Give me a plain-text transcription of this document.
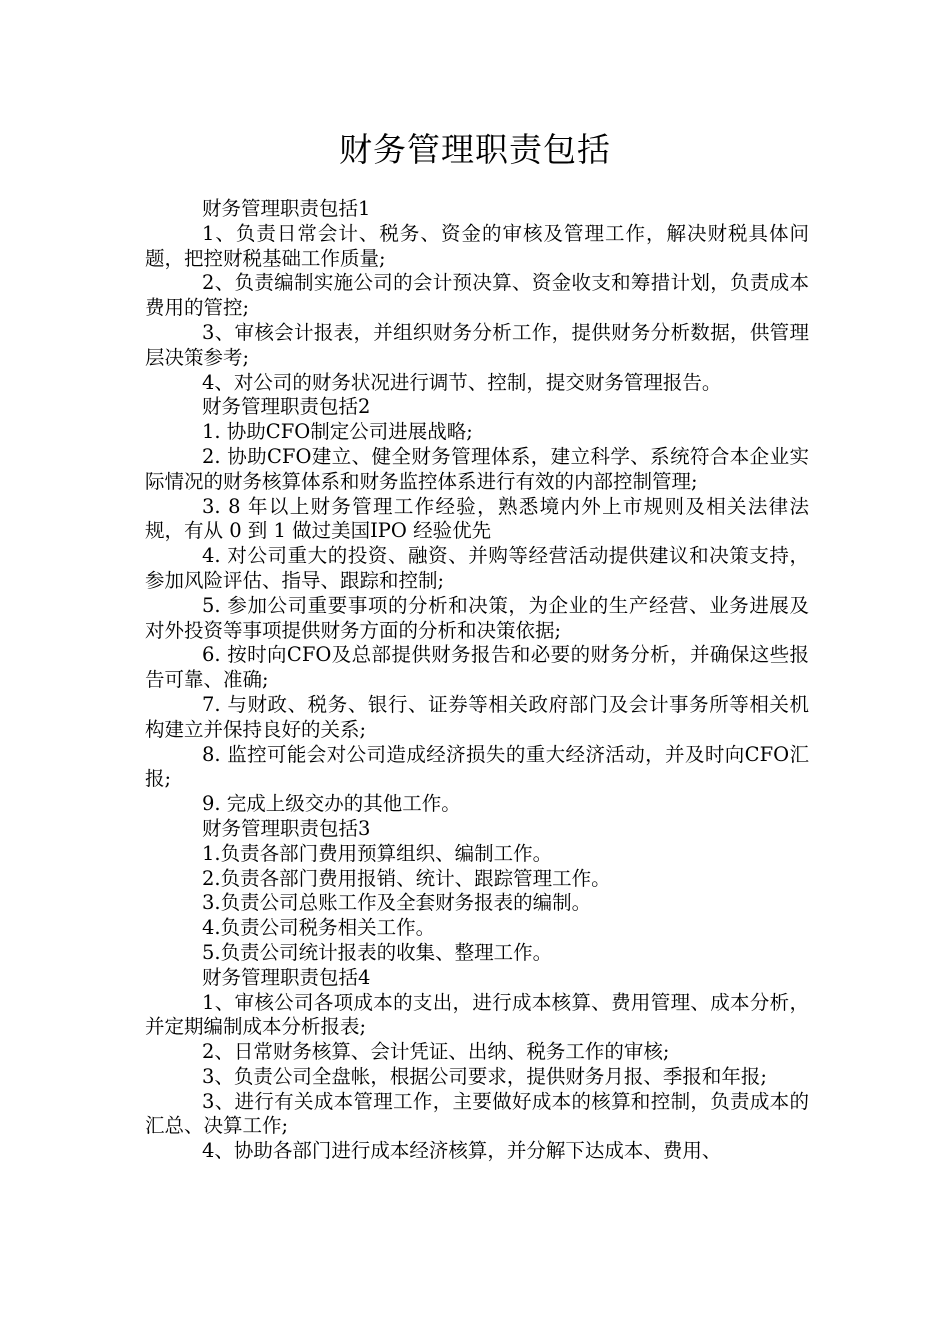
财务管理职责包括

财务管理职责包括1

1、负责日常会计、税务、资金的审核及管理工作，解决财税具体问题，把控财税基础工作质量;

2、负责编制实施公司的会计预决算、资金收支和筹措计划，负责成本费用的管控;

3、审核会计报表，并组织财务分析工作，提供财务分析数据，供管理层决策参考;

4、对公司的财务状况进行调节、控制，提交财务管理报告。

财务管理职责包括2

1. 协助CFO制定公司进展战略;

2. 协助CFO建立、健全财务管理体系，建立科学、系统符合本企业实际情况的财务核算体系和财务监控体系进行有效的内部控制管理;

3. 8 年以上财务管理工作经验，熟悉境内外上市规则及相关法律法规，有从 0 到 1 做过美国IPO 经验优先

4. 对公司重大的投资、融资、并购等经营活动提供建议和决策支持，参加风险评估、指导、跟踪和控制;

5. 参加公司重要事项的分析和决策，为企业的生产经营、业务进展及对外投资等事项提供财务方面的分析和决策依据;

6. 按时向CFO及总部提供财务报告和必要的财务分析，并确保这些报告可靠、准确;

7. 与财政、税务、银行、证券等相关政府部门及会计事务所等相关机构建立并保持良好的关系;

8. 监控可能会对公司造成经济损失的重大经济活动，并及时向CFO汇报;

9. 完成上级交办的其他工作。

财务管理职责包括3

1.负责各部门费用预算组织、编制工作。

2.负责各部门费用报销、统计、跟踪管理工作。

3.负责公司总账工作及全套财务报表的编制。

4.负责公司税务相关工作。

5.负责公司统计报表的收集、整理工作。

财务管理职责包括4

1、审核公司各项成本的支出，进行成本核算、费用管理、成本分析，并定期编制成本分析报表;

2、日常财务核算、会计凭证、出纳、税务工作的审核;

3、负责公司全盘帐，根据公司要求，提供财务月报、季报和年报;

3、进行有关成本管理工作，主要做好成本的核算和控制，负责成本的汇总、决算工作;

4、协助各部门进行成本经济核算，并分解下达成本、费用、
